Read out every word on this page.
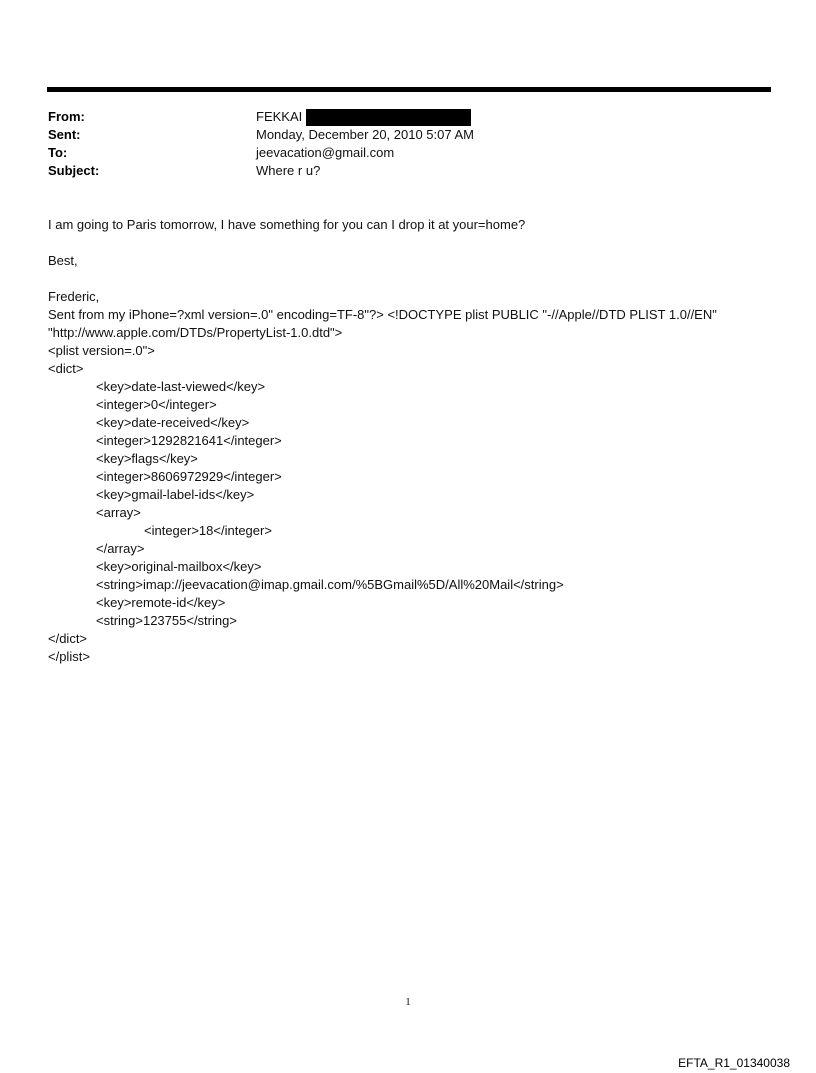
From:	FEKKAI
Sent:	Monday, December 20, 2010 5:07 AM
To:	jeevacation@gmail.com
Subject:	Where r u?

I am going to Paris tomorrow, I have something for you can I drop it at your=home?

Best,

Frederic,

Sent from my iPhone=?xml version=.0" encoding=TF-8"?> <!DOCTYPE plist PUBLIC "-//Apple//DTD PLIST 1.0//EN"

"http://www.apple.com/DTDs/PropertyList-1.0.dtd">

<plist version=.0">

<dict>

<key>date-last-viewed</key>

<integer>0</integer>

<key>date-received</key>

<integer>1292821641</integer>

<key>flags</key>

<integer>8606972929</integer>

<key>gmail-label-ids</key>

<array>

<integer>18</integer>

</array>

<key>original-mailbox</key>

<string>imap://jeevacation@imap.gmail.com/%5BGmail%5D/All%20Mail</string>

<key>remote-id</key>

<string>123755</string>

</dict>

</plist>

1
EFTA_R1_01340038
